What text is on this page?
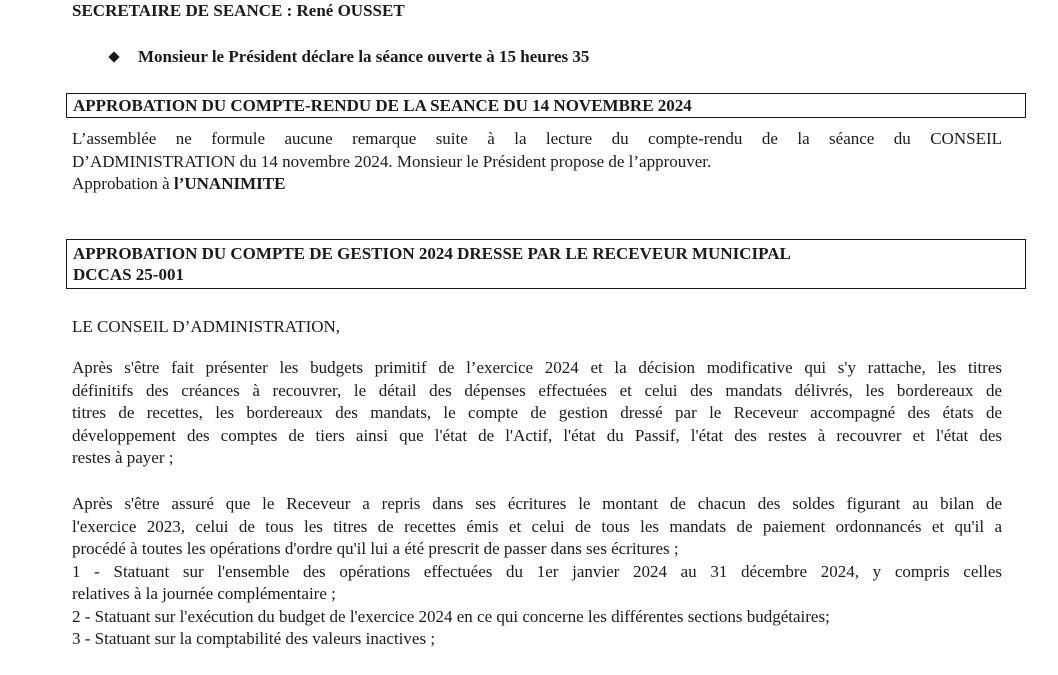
SECRETAIRE DE SEANCE : René OUSSET
Monsieur le Président déclare la séance ouverte à 15 heures 35
APPROBATION DU COMPTE-RENDU DE LA SEANCE DU 14 NOVEMBRE 2024
L’assemblée ne formule aucune remarque suite à la lecture du compte-rendu de la séance du CONSEIL
D’ADMINISTRATION du 14 novembre 2024. Monsieur le Président propose de l’approuver.
Approbation à l’UNANIMITE
APPROBATION DU COMPTE DE GESTION 2024 DRESSE PAR LE RECEVEUR MUNICIPAL
DCCAS 25-001
LE CONSEIL D’ADMINISTRATION,
Après s'être fait présenter les budgets primitif de l’exercice 2024 et la décision modificative qui s'y rattache, les titres
définitifs des créances à recouvrer, le détail des dépenses effectuées et celui des mandats délivrés, les bordereaux de
titres de recettes, les bordereaux des mandats, le compte de gestion dressé par le Receveur accompagné des états de
développement des comptes de tiers ainsi que l'état de l'Actif, l'état du Passif, l'état des restes à recouvrer et l'état des
restes à payer ;
Après s'être assuré que le Receveur a repris dans ses écritures le montant de chacun des soldes figurant au bilan de
l'exercice 2023, celui de tous les titres de recettes émis et celui de tous les mandats de paiement ordonnancés et qu'il a
procédé à toutes les opérations d'ordre qu'il lui a été prescrit de passer dans ses écritures ;
1 - Statuant sur l'ensemble des opérations effectuées du 1er janvier 2024 au 31 décembre 2024, y compris celles
relatives à la journée complémentaire ;
2 - Statuant sur l'exécution du budget de l'exercice 2024 en ce qui concerne les différentes sections budgétaires;
3 - Statuant sur la comptabilité des valeurs inactives ;
